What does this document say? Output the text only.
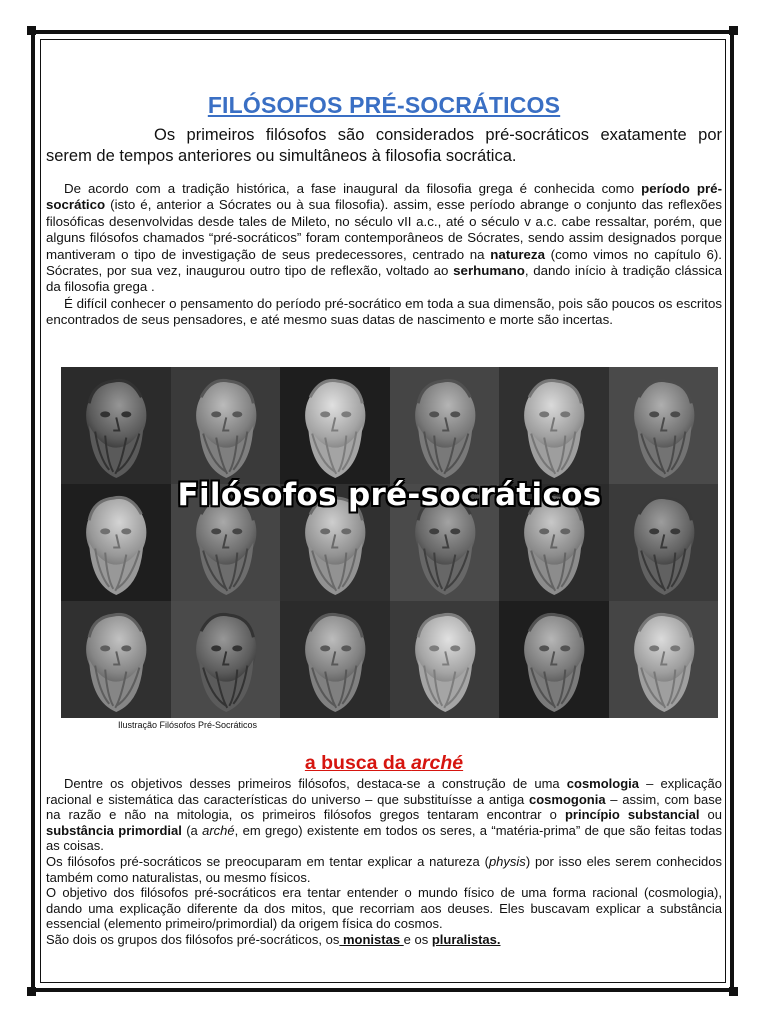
FILÓSOFOS PRÉ-SOCRÁTICOS

Os primeiros filósofos são considerados pré-socráticos exatamente por serem de tempos anteriores ou simultâneos à filosofia socrática.

De acordo com a tradição histórica, a fase inaugural da filosofia grega é conhecida como período pré-socrático (isto é, anterior a Sócrates ou à sua filosofia). assim, esse período abrange o conjunto das reflexões filosóficas desenvolvidas desde tales de Mileto, no século vII a.c., até o século v a.c. cabe ressaltar, porém, que alguns filósofos chamados “pré-socráticos” foram contemporâneos de Sócrates, sendo assim designados porque mantiveram o tipo de investigação de seus predecessores, centrado na natureza (como vimos no capítulo 6). Sócrates, por sua vez, inaugurou outro tipo de reflexão, voltado ao serhumano, dando início à tradição clássica da filosofia grega .

É difícil conhecer o pensamento do período pré-socrático em toda a sua dimensão, pois são poucos os escritos encontrados de seus pensadores, e até mesmo suas datas de nascimento e morte são incertas.

Filósofos pré-socráticos
Ilustração Filósofos Pré-Socráticos
a busca da arché

Dentre os objetivos desses primeiros filósofos, destaca-se a construção de uma cosmologia – explicação racional e sistemática das características do universo – que substituísse a antiga cosmogonia – assim, com base na razão e não na mitologia, os primeiros filósofos gregos tentaram encontrar o princípio substancial ou substância primordial (a arché, em grego) existente em todos os seres, a “matéria-prima” de que são feitas todas as coisas.

Os filósofos pré-socráticos se preocuparam em tentar explicar a natureza (physis) por isso eles serem conhecidos também como naturalistas, ou mesmo físicos.

O objetivo dos filósofos pré-socráticos era tentar entender o mundo físico de uma forma racional (cosmologia), dando uma explicação diferente da dos mitos, que recorriam aos deuses. Eles buscavam explicar a substância essencial (elemento primeiro/primordial) da origem física do cosmos.

São dois os grupos dos filósofos pré-socráticos, os monistas e os pluralistas.
